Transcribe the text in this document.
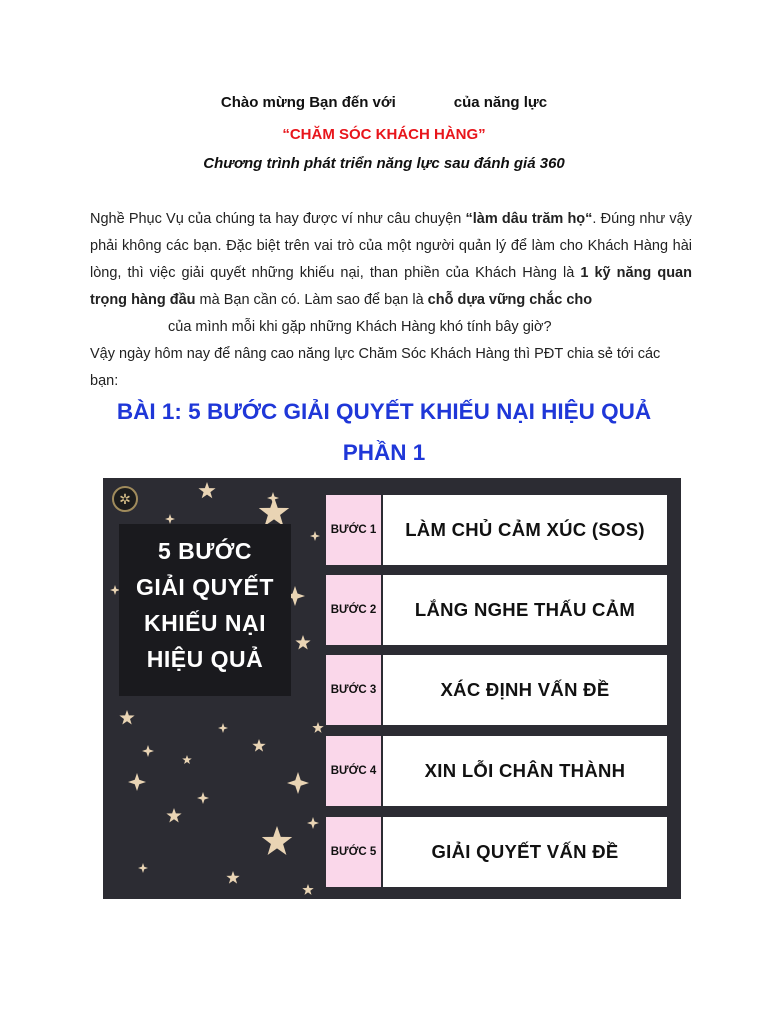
Chào mừng Bạn đến với	của năng lực
“CHĂM SÓC KHÁCH HÀNG”
Chương trình phát triển năng lực sau đánh giá 360
Nghề Phục Vụ của chúng ta hay được ví như câu chuyện “làm dâu trăm họ“. Đúng như vậy phải không các bạn. Đặc biệt trên vai trò của một người quản lý để làm cho Khách Hàng hài lòng, thì việc giải quyết những khiếu nại, than phiền của Khách Hàng là 1 kỹ năng quan trọng hàng đầu mà Bạn cần có. Làm sao để bạn là chỗ dựa vững chắc cho
của mình mỗi khi gặp những Khách Hàng khó tính bây giờ?
Vậy ngày hôm nay để nâng cao năng lực Chăm Sóc Khách Hàng thì PĐT chia sẻ tới các bạn:
BÀI 1: 5 BƯỚC GIẢI QUYẾT KHIẾU NẠI HIỆU QUẢ
PHẦN 1
✲
5 BƯỚC
GIẢI QUYẾT
KHIẾU NẠI
HIỆU QUẢ
BƯỚC 1	LÀM CHỦ CẢM XÚC (SOS)
BƯỚC 2	LẮNG NGHE THẤU CẢM
BƯỚC 3	XÁC ĐỊNH VẤN ĐỀ
BƯỚC 4	XIN LỖI CHÂN THÀNH
BƯỚC 5	GIẢI QUYẾT VẤN ĐỀ
